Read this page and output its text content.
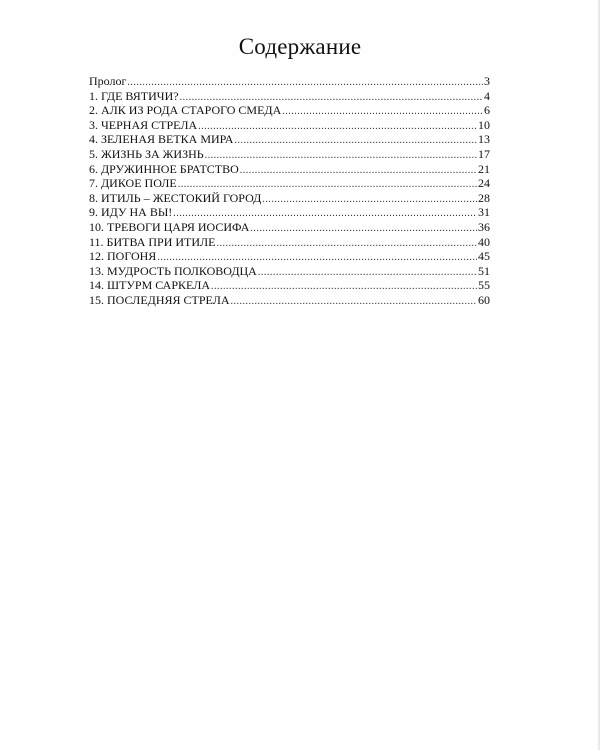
Содержание
Пролог .....	3
1. ГДЕ ВЯТИЧИ? .....	4
2. АЛК ИЗ РОДА СТАРОГО СМЕДА .....	6
3. ЧЕРНАЯ СТРЕЛА .....	10
4. ЗЕЛЕНАЯ ВЕТКА МИРА .....	13
5. ЖИЗНЬ ЗА ЖИЗНЬ .....	17
6. ДРУЖИННОЕ БРАТСТВО .....	21
7. ДИКОЕ ПОЛЕ .....	24
8. ИТИЛЬ – ЖЕСТОКИЙ ГОРОД .....	28
9. ИДУ НА ВЫ! .....	31
10. ТРЕВОГИ ЦАРЯ ИОСИФА .....	36
11. БИТВА ПРИ ИТИЛЕ .....	40
12. ПОГОНЯ .....	45
13. МУДРОСТЬ ПОЛКОВОДЦА .....	51
14. ШТУРМ САРКЕЛА .....	55
15. ПОСЛЕДНЯЯ СТРЕЛА .....	60
